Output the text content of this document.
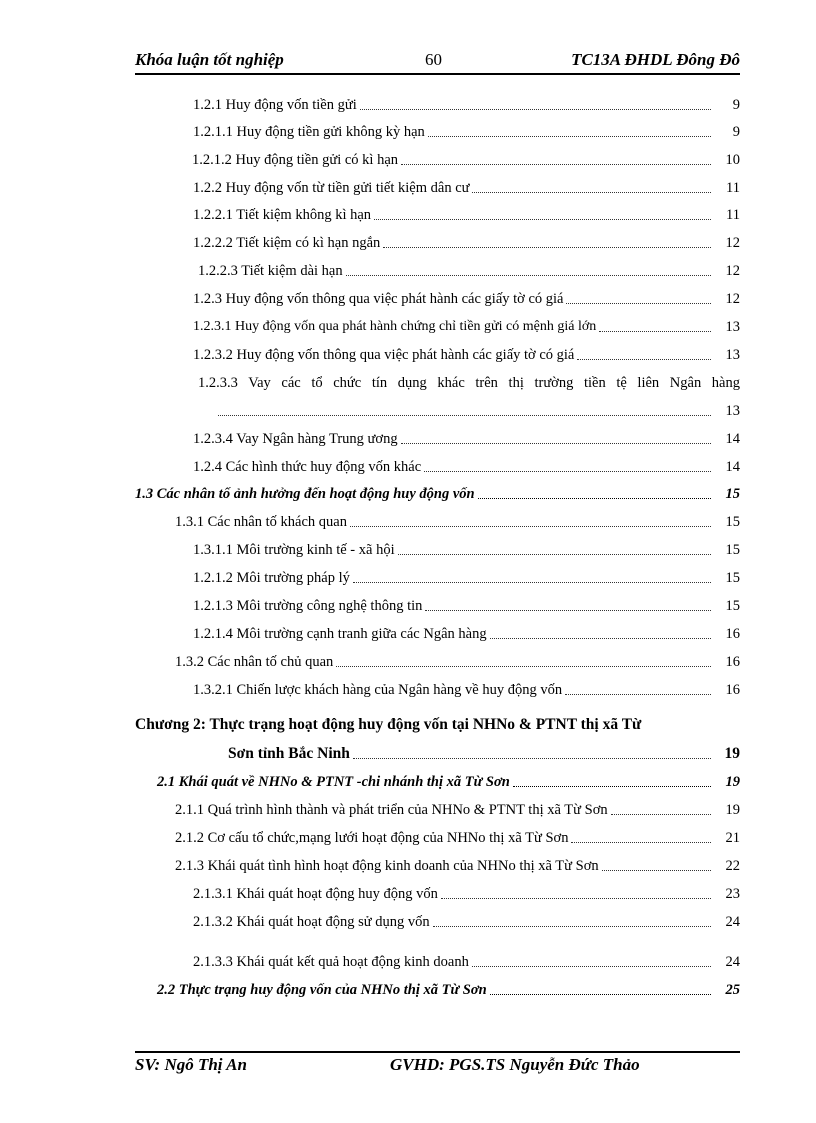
Khóa luận tốt nghiệp	60	TC13A ĐHDL Đông Đô
1.2.1 Huy động vốn tiền gửi	9
1.2.1.1 Huy động tiền gửi không kỳ hạn	9
1.2.1.2 Huy động tiền gửi có kì hạn	10
1.2.2 Huy động vốn từ tiền gửi tiết kiệm dân cư	11
1.2.2.1 Tiết kiệm không kì hạn	11
1.2.2.2 Tiết kiệm có kì hạn ngắn	12
1.2.2.3 Tiết kiệm dài hạn	12
1.2.3 Huy động vốn thông qua việc phát hành các giấy tờ có giá	12
1.2.3.1 Huy động vốn qua phát hành chứng chỉ tiền gửi có mệnh giá lớn	13
1.2.3.2 Huy động vốn thông qua việc phát hành các giấy tờ có giá	13
1.2.3.3 Vay các tổ chức tín dụng khác trên thị trường tiền tệ liên Ngân hàng
13
1.2.3.4 Vay Ngân hàng Trung ương	14
1.2.4 Các hình thức huy động vốn khác	14
1.3 Các nhân tố ảnh hưởng đến hoạt động huy động vốn	15
1.3.1 Các nhân tố khách quan	15
1.3.1.1 Môi trường kinh tế - xã hội	15
1.2.1.2 Môi trường pháp lý	15
1.2.1.3 Môi trường công nghệ thông tin	15
1.2.1.4 Môi trường cạnh tranh giữa các Ngân hàng	16
1.3.2 Các nhân tố chủ quan	16
1.3.2.1 Chiến lược khách hàng của Ngân hàng về huy động vốn	16
Chương 2: Thực trạng hoạt động huy động vốn tại NHNo & PTNT thị xã Từ
Sơn tỉnh Bắc Ninh	19
2.1 Khái quát về NHNo & PTNT -chi nhánh thị xã Từ Sơn	19
2.1.1 Quá trình hình thành và phát triển của NHNo & PTNT thị xã Từ Sơn	19
2.1.2 Cơ cấu tổ chức,mạng lưới hoạt động của NHNo thị xã Từ Sơn	21
2.1.3 Khái quát tình hình hoạt động kinh doanh của NHNo thị xã Từ Sơn	22
2.1.3.1 Khái quát hoạt động huy động vốn	23
2.1.3.2 Khái quát hoạt động sử dụng vốn	24
2.1.3.3 Khái quát kết quả hoạt động kinh doanh	24
2.2 Thực trạng huy động vốn của NHNo thị xã Từ Sơn	25
SV: Ngô Thị An	GVHD: PGS.TS Nguyễn Đức Thảo
